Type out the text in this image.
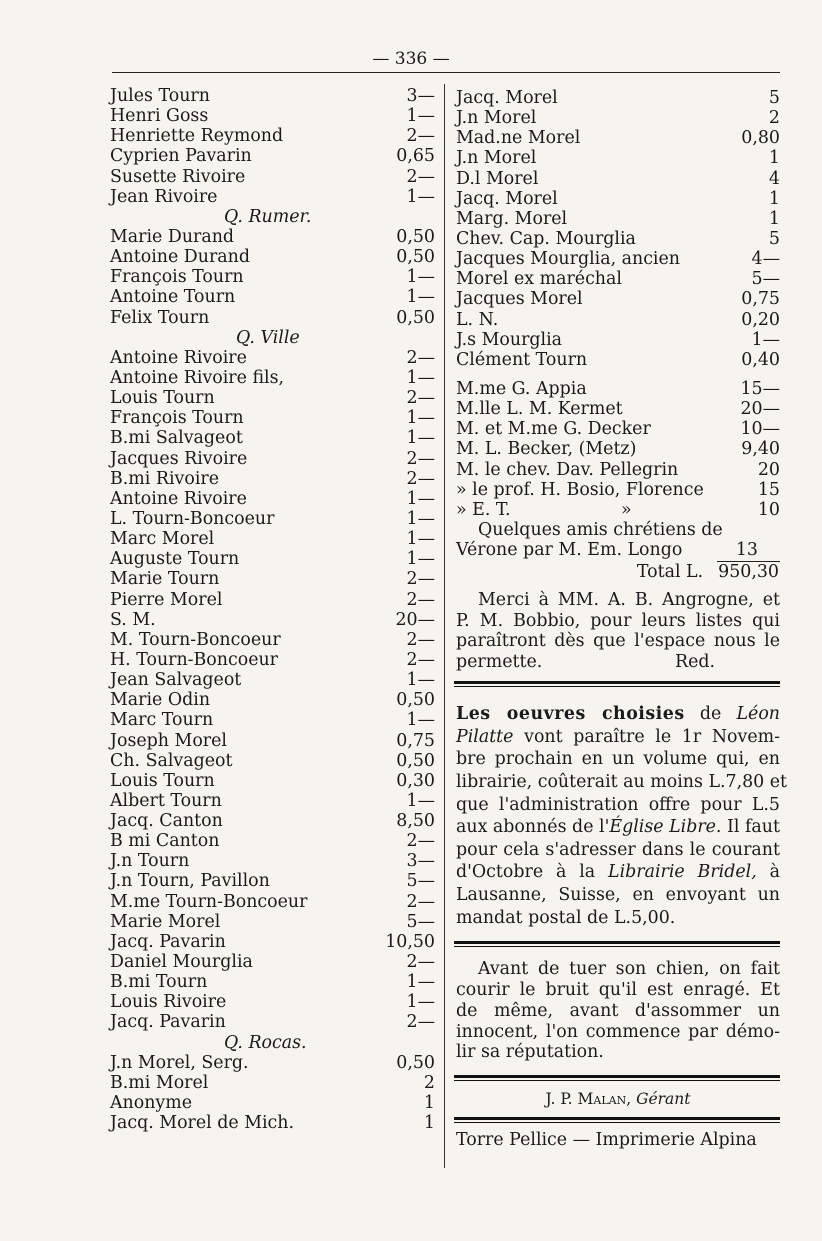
— 336 —
Jules Tourn	3—
Henri Goss	1—
Henriette Reymond	2—
Cyprien Pavarin	0,65
Susette Rivoire	2—
Jean Rivoire	1—
Q. Rumer.
Marie Durand	0,50
Antoine Durand	0,50
François Tourn	1—
Antoine Tourn	1—
Felix Tourn	0,50
Q. Ville
Antoine Rivoire	2—
Antoine Rivoire fils,	1—
Louis Tourn	2—
François Tourn	1—
B.mi Salvageot	1—
Jacques Rivoire	2—
B.mi Rivoire	2—
Antoine Rivoire	1—
L. Tourn-Boncoeur	1—
Marc Morel	1—
Auguste Tourn	1—
Marie Tourn	2—
Pierre Morel	2—
S. M.	20—
M. Tourn-Boncoeur	2—
H. Tourn-Boncoeur	2—
Jean Salvageot	1—
Marie Odin	0,50
Marc Tourn	1—
Joseph Morel	0,75
Ch. Salvageot	0,50
Louis Tourn	0,30
Albert Tourn	1—
Jacq. Canton	8,50
B mi Canton	2—
J.n Tourn	3—
J.n Tourn, Pavillon	5—
M.me Tourn-Boncoeur	2—
Marie Morel	5—
Jacq. Pavarin	10,50
Daniel Mourglia	2—
B.mi Tourn	1—
Louis Rivoire	1—
Jacq. Pavarin	2—
Q. Rocas.
J.n Morel, Serg.	0,50
B.mi Morel	2
Anonyme	1
Jacq. Morel de Mich.	1
Jacq. Morel	5
J.n Morel	2
Mad.ne Morel	0,80
J.n Morel	1
D.l Morel	4
Jacq. Morel	1
Marg. Morel	1
Chev. Cap. Mourglia	5
Jacques Mourglia, ancien	4—
Morel ex maréchal	5—
Jacques Morel	0,75
L. N.	0,20
J.s Mourglia	1—
Clément Tourn	0,40
M.me G. Appia	15—
M.lle L. M. Kermet	20—
M. et M.me G. Decker	10—
M. L. Becker, (Metz)	9,40
M. le chev. Dav. Pellegrin	20
» le prof. H. Bosio, Florence	15
» E. T.                    »	10
Quelques amis chrétiens de
Vérone par M. Em. Longo	13
Total L. 950,30
Merci à MM. A. B. Angrogne, et
P. M. Bobbio, pour leurs listes qui
paraîtront dès que l'espace nous le
permette.                        Red.
Les oeuvres choisies de Léon
Pilatte vont paraître le 1r Novem-
bre prochain en un volume qui, en
librairie, coûterait au moins L.7,80 et
que l'administration offre pour L.5
aux abonnés de l'Église Libre. Il faut
pour cela s'adresser dans le courant
d'Octobre à la Librairie Bridel, à
Lausanne, Suisse, en envoyant un
mandat postal de L.5,00.
Avant de tuer son chien, on fait
courir le bruit qu'il est enragé. Et
de même, avant d'assommer un
innocent, l'on commence par démo-
lir sa réputation.
J. P. Malan, Gérant
Torre Pellice — Imprimerie Alpina
